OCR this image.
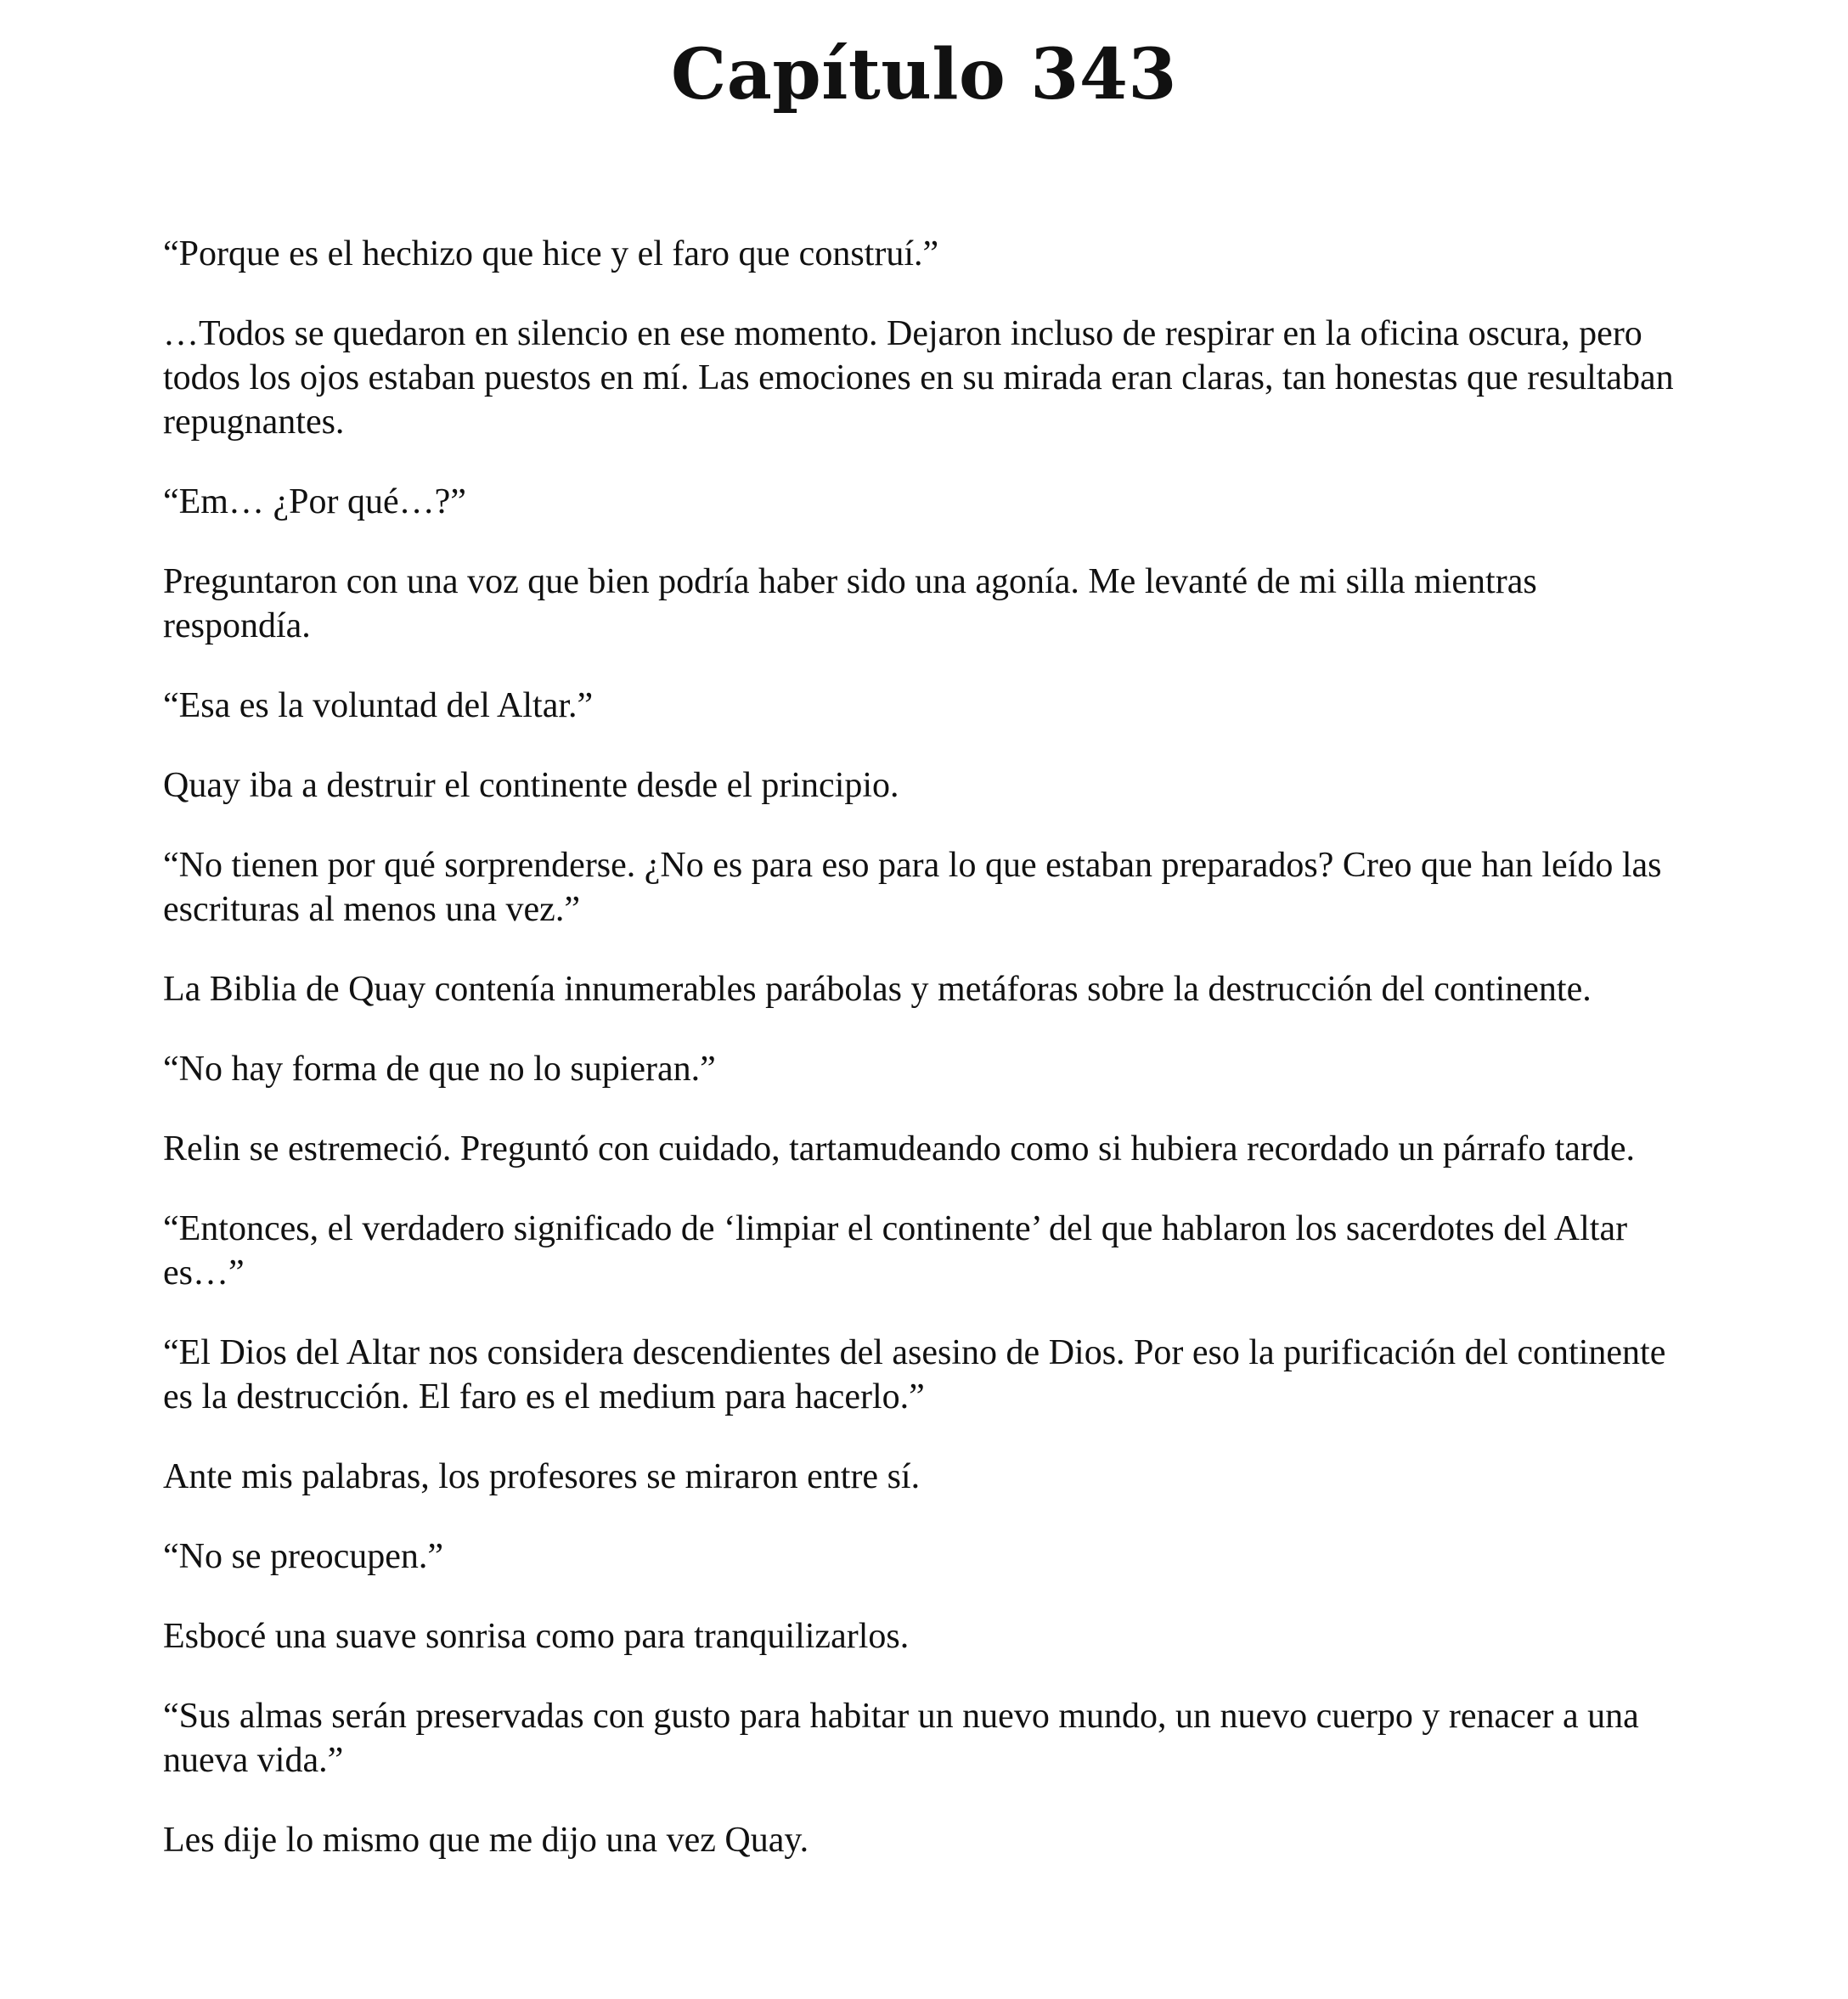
Capítulo 343

“Porque es el hechizo que hice y el faro que construí.”

…Todos se quedaron en silencio en ese momento. Dejaron incluso de respirar en la oficina oscura, pero todos los ojos estaban puestos en mí. Las emociones en su mirada eran claras, tan honestas que resultaban repugnantes.

“Em… ¿Por qué…?”

Preguntaron con una voz que bien podría haber sido una agonía. Me levanté de mi silla mientras respondía.

“Esa es la voluntad del Altar.”

Quay iba a destruir el continente desde el principio.

“No tienen por qué sorprenderse. ¿No es para eso para lo que estaban preparados? Creo que han leído las escrituras al menos una vez.”

La Biblia de Quay contenía innumerables parábolas y metáforas sobre la destrucción del continente.

“No hay forma de que no lo supieran.”

Relin se estremeció. Preguntó con cuidado, tartamudeando como si hubiera recordado un párrafo tarde.

“Entonces, el verdadero significado de ‘limpiar el continente’ del que hablaron los sacerdotes del Altar es…”

“El Dios del Altar nos considera descendientes del asesino de Dios. Por eso la purificación del continente es la destrucción. El faro es el medium para hacerlo.”

Ante mis palabras, los profesores se miraron entre sí.

“No se preocupen.”

Esbocé una suave sonrisa como para tranquilizarlos.

“Sus almas serán preservadas con gusto para habitar un nuevo mundo, un nuevo cuerpo y renacer a una nueva vida.”

Les dije lo mismo que me dijo una vez Quay.
